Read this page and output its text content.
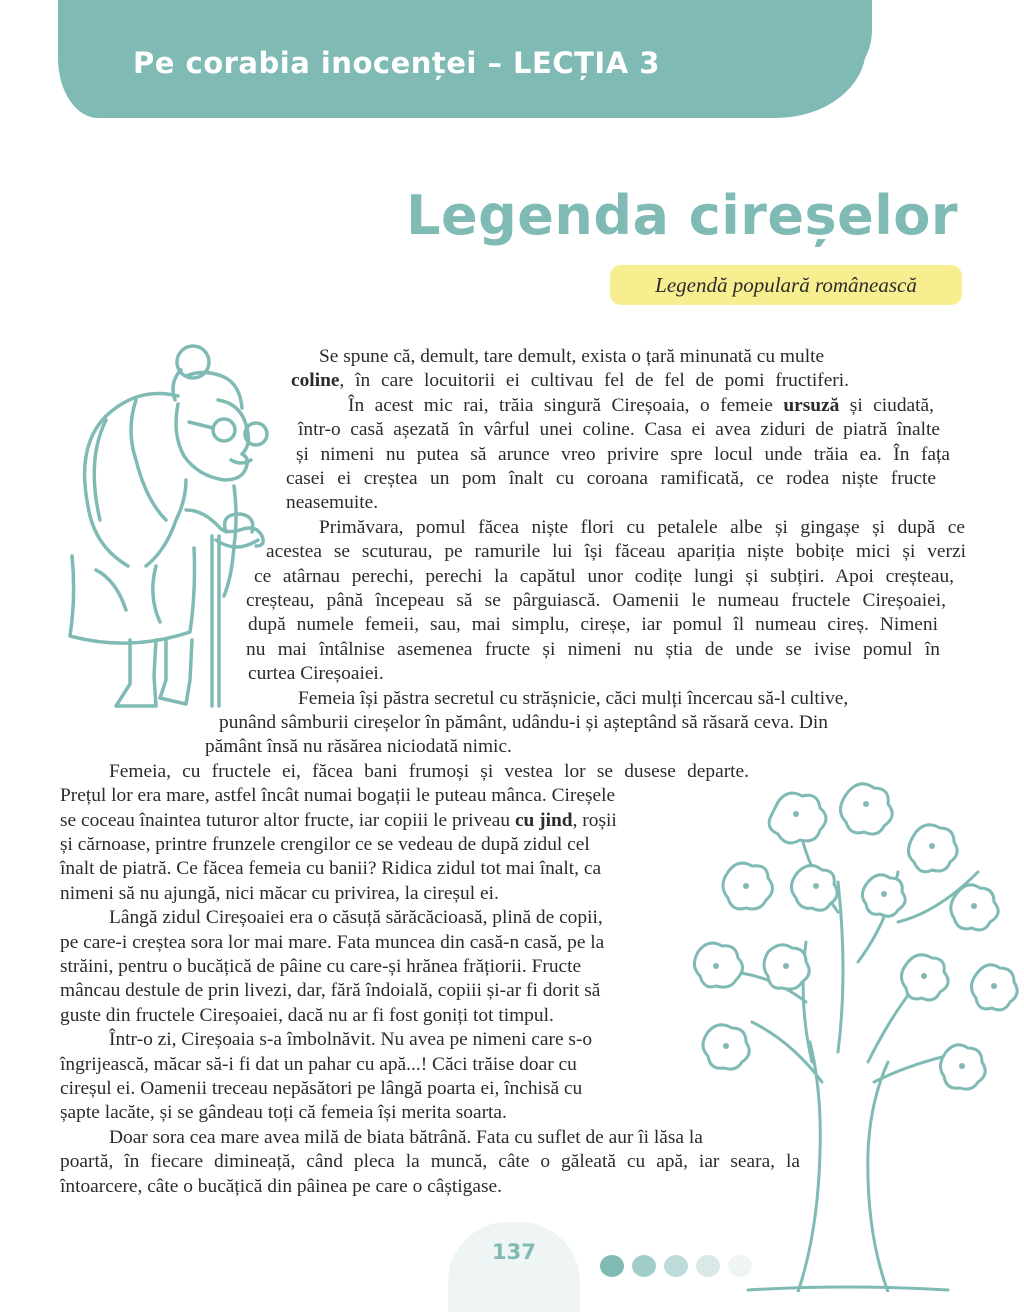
Pe corabia inocenței – LECȚIA 3
Legenda cireșelor
Legendă populară românească
Se spune că, demult, tare demult, exista o țară minunată cu multe
coline, în care locuitorii ei cultivau fel de fel de pomi fructiferi.
În acest mic rai, trăia singură Cireșoaia, o femeie ursuză și ciudată,
într-o casă așezată în vârful unei coline. Casa ei avea ziduri de piatră înalte
și nimeni nu putea să arunce vreo privire spre locul unde trăia ea. În fața
casei ei creștea un pom înalt cu coroana ramificată, ce rodea niște fructe
neasemuite.
Primăvara, pomul făcea niște flori cu petalele albe și gingașe și după ce
acestea se scuturau, pe ramurile lui își făceau apariția niște bobițe mici și verzi
ce atârnau perechi, perechi la capătul unor codițe lungi și subțiri. Apoi creșteau,
creșteau, până începeau să se pârguiască. Oamenii le numeau fructele Cireșoaiei,
după numele femeii, sau, mai simplu, cireșe, iar pomul îl numeau cireș. Nimeni
nu mai întâlnise asemenea fructe și nimeni nu știa de unde se ivise pomul în
curtea Cireșoaiei.
Femeia își păstra secretul cu strășnicie, căci mulți încercau să-l cultive,
punând sâmburii cireșelor în pământ, udându-i și așteptând să răsară ceva. Din
pământ însă nu răsărea niciodată nimic.
Femeia, cu fructele ei, făcea bani frumoși și vestea lor se dusese departe.
Prețul lor era mare, astfel încât numai bogații le puteau mânca. Cireșele
se coceau înaintea tuturor altor fructe, iar copiii le priveau cu jind, roșii
și cărnoase, printre frunzele crengilor ce se vedeau de după zidul cel
înalt de piatră. Ce făcea femeia cu banii? Ridica zidul tot mai înalt, ca
nimeni să nu ajungă, nici măcar cu privirea, la cireșul ei.
Lângă zidul Cireșoaiei era o căsuță sărăcăcioasă, plină de copii,
pe care-i creștea sora lor mai mare. Fata muncea din casă-n casă, pe la
străini, pentru o bucățică de pâine cu care-și hrănea frățiorii. Fructe
mâncau destule de prin livezi, dar, fără îndoială, copiii și-ar fi dorit să
guste din fructele Cireșoaiei, dacă nu ar fi fost goniți tot timpul.
Într-o zi, Cireșoaia s-a îmbolnăvit. Nu avea pe nimeni care s-o
îngrijească, măcar să-i fi dat un pahar cu apă...! Căci trăise doar cu
cireșul ei. Oamenii treceau nepăsători pe lângă poarta ei, închisă cu
șapte lacăte, și se gândeau toți că femeia își merita soarta.
Doar sora cea mare avea milă de biata bătrână. Fata cu suflet de aur îi lăsa la
poartă, în fiecare dimineață, când pleca la muncă, câte o găleată cu apă, iar seara, la
întoarcere, câte o bucățică din pâinea pe care o câștigase.
137
